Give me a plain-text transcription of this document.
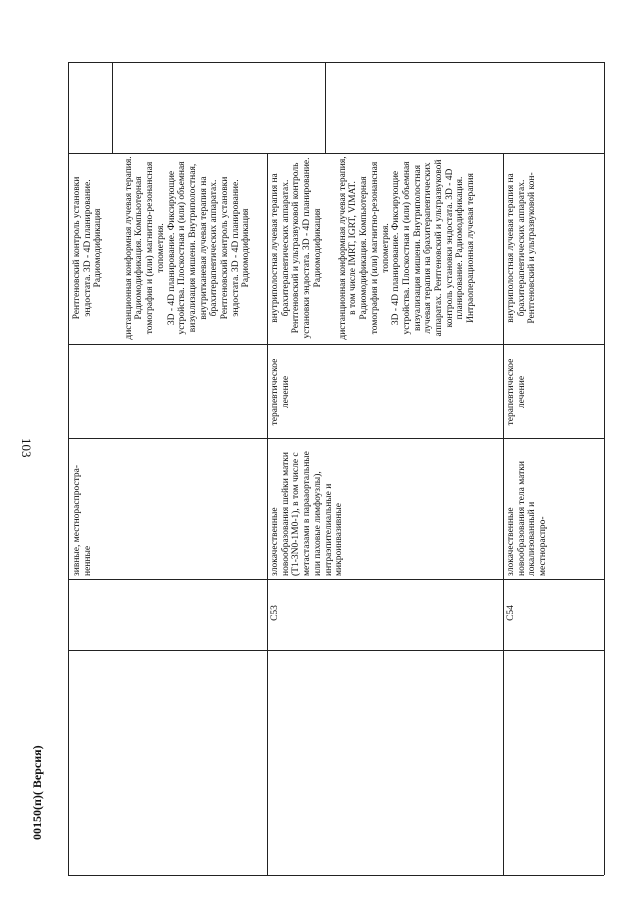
103
00150(п)( Версия)
зивные, местнораспростра-
ненные

Рентгеновский контроль установки эндостата. 3D - 4D планирование. Радиомодификация

дистанционная конформная лучевая терапия. Радиомодификация. Компьютерная томография и (или) магнитно-резонансная топометрия.
3D - 4D планирование. Фиксирующие устройства. Плоскостная и (или) объемная визуализация мишени. Внутриполостная, внутритканевая лучевая терапия на брахитерапевтических аппаратах.
Рентгеновский контроль установки эндостата. 3D - 4D планирование. Радиомодификация

C53
злокачественные новообразования шейки матки (T1-3N0-1M0-1), в том числе с метастазами в парааортальные или паховые лимфоузлы), интраэпителиальные и микроинвазивные
терапевтическое лечение

внутриполостная лучевая терапия на брахитерапевтических аппаратах. Рентгеновский и ультразвуковой контроль установки эндостата. 3D - 4D планирование. Радиомодификация

дистанционная конформная лучевая терапия, в том числе IMRT, IGRT, VIMAT. Радиомодификация. Компьютерная томография и (или) магнитно-резонансная топометрия.
3D - 4D планирование. Фиксирующие устройства. Плоскостная и (или) объемная визуализация мишени. Внутриполостная лучевая терапия на брахитерапевтических аппаратах. Рентгеновский и ультразвуковой контроль установки эндостата. 3D - 4D планирование. Радиомодификация. Интраоперационная лучевая терапия

C54
злокачественные новообразования тела матки локализованный и местнораспро-
терапевтическое лечение

внутриполостная лучевая терапия на брахитерапевтических аппаратах. Рентгеновский и ультразвуковой кон-
